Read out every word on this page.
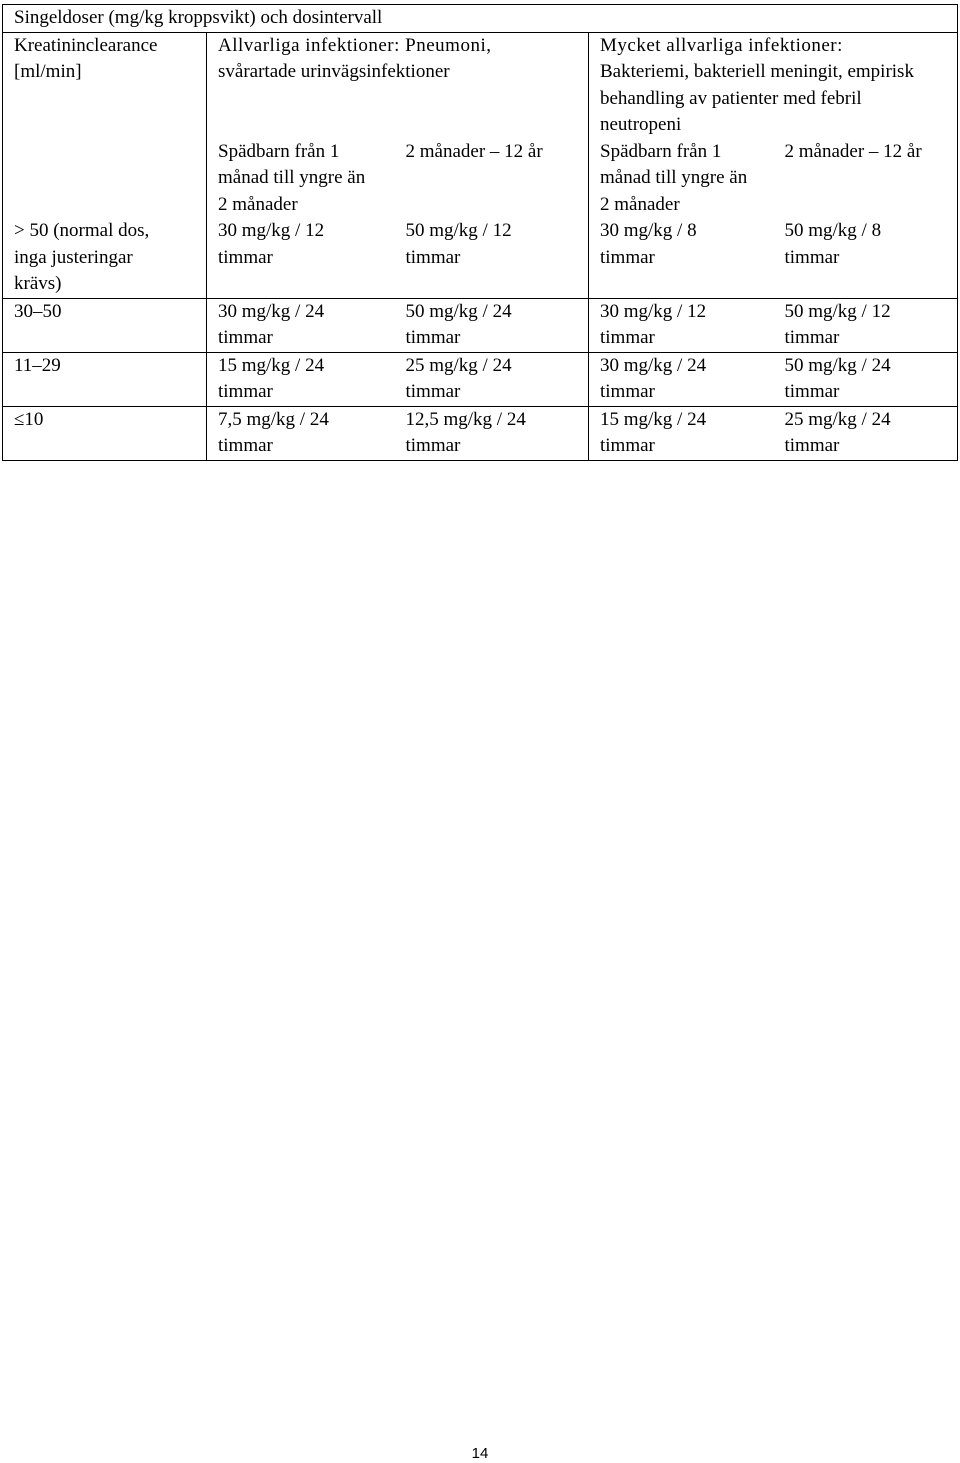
Singeldoser (mg/kg kroppsvikt) och dosintervall				

Kreatininclearance
[ml/min]	Allvarliga infektioner: Pneumoni,
svårartade urinvägsinfektioner		Mycket allvarliga infektioner:
Bakteriemi, bakteriell meningit, empirisk
behandling av patienter med febril
neutropeni	

	Spädbarn från 1
månad till yngre än
2 månader	2 månader – 12 år	Spädbarn från 1
månad till yngre än
2 månader	2 månader – 12 år

> 50 (normal dos,
inga justeringar
krävs)	30 mg/kg / 12
timmar	50 mg/kg / 12
timmar	30 mg/kg / 8
timmar	50 mg/kg / 8
timmar

30–50	30 mg/kg / 24
timmar	50 mg/kg / 24
timmar	30 mg/kg / 12
timmar	50 mg/kg / 12
timmar

11–29	15 mg/kg / 24
timmar	25 mg/kg / 24
timmar	30 mg/kg / 24
timmar	50 mg/kg / 24
timmar

≤10	7,5 mg/kg / 24
timmar	12,5 mg/kg / 24
timmar	15 mg/kg / 24
timmar	25 mg/kg / 24
timmar
14
